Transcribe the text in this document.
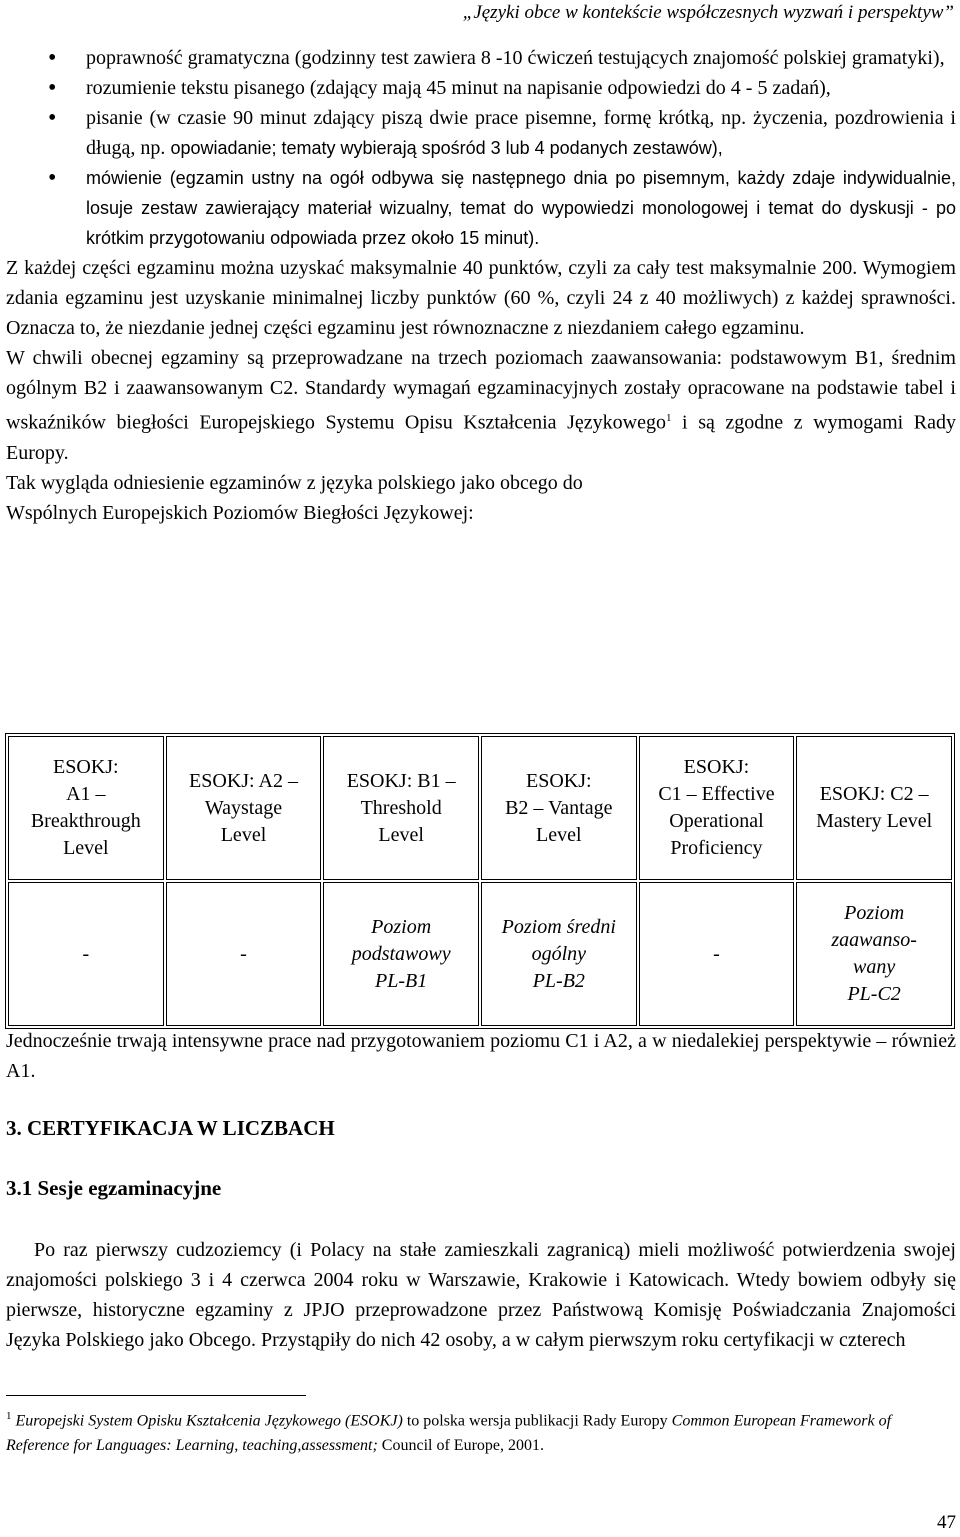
„Języki obce w kontekście współczesnych wyzwań i perspektyw”
• poprawność gramatyczna (godzinny test zawiera 8 -10 ćwiczeń testujących znajomość polskiej gramatyki),
• rozumienie tekstu pisanego (zdający mają 45 minut na napisanie odpowiedzi do 4 - 5 zadań),
• pisanie (w czasie 90 minut zdający piszą dwie prace pisemne, formę krótką, np. życzenia, pozdrowienia i długą, np. opowiadanie; tematy wybierają spośród 3 lub 4 podanych zestawów),
• mówienie (egzamin ustny na ogół odbywa się następnego dnia po pisemnym, każdy zdaje indywidualnie, losuje zestaw zawierający materiał wizualny, temat do wypowiedzi monologowej i temat do dyskusji - po krótkim przygotowaniu odpowiada przez około 15 minut).

Z każdej części egzaminu można uzyskać maksymalnie 40 punktów, czyli za cały test maksymalnie 200. Wymogiem zdania egzaminu jest uzyskanie minimalnej liczby punktów (60 %, czyli 24 z 40 możliwych) z każdej sprawności. Oznacza to, że niezdanie jednej części egzaminu jest równoznaczne z niezdaniem całego egzaminu.

W chwili obecnej egzaminy są przeprowadzane na trzech poziomach zaawansowania: podstawowym B1, średnim ogólnym B2 i zaawansowanym C2. Standardy wymagań egzaminacyjnych zostały opracowane na podstawie tabel i wskaźników biegłości Europejskiego Systemu Opisu Kształcenia Językowego$^1$ i są zgodne z wymogami Rady Europy.

Tak wygląda odniesienie egzaminów z języka polskiego jako obcego do
Wspólnych Europejskich Poziomów Biegłości Językowej:

ESOKJ:
A1 –
Breakthrough
Level	ESOKJ: A2 –
Waystage
Level	ESOKJ: B1 –
Threshold
Level	ESOKJ:
B2 – Vantage
Level	ESOKJ:
C1 – Effective
Operational
Proficiency	ESOKJ: C2 –
Mastery Level
-	-	Poziom
podstawowy
PL-B1	Poziom średni
ogólny
PL-B2	-	Poziom
zaawanso-
wany
PL-C2

Jednocześnie trwają intensywne prace nad przygotowaniem poziomu C1 i A2, a w niedalekiej perspektywie – również A1.

3. CERTYFIKACJA W LICZBACH
3.1 Sesje egzaminacyjne

Po raz pierwszy cudzoziemcy (i Polacy na stałe zamieszkali zagranicą) mieli możliwość potwierdzenia swojej znajomości polskiego 3 i 4 czerwca 2004 roku w Warszawie, Krakowie i Katowicach. Wtedy bowiem odbyły się pierwsze, historyczne egzaminy z JPJO przeprowadzone przez Państwową Komisję Poświadczania Znajomości Języka Polskiego jako Obcego. Przystąpiły do nich 42 osoby, a w całym pierwszym roku certyfikacji w czterech

$^1$ Europejski System Opisku Kształcenia Językowego (ESOKJ) to polska wersja publikacji Rady Europy Common European Framework of Reference for Languages: Learning, teaching,assessment; Council of Europe, 2001.
47
